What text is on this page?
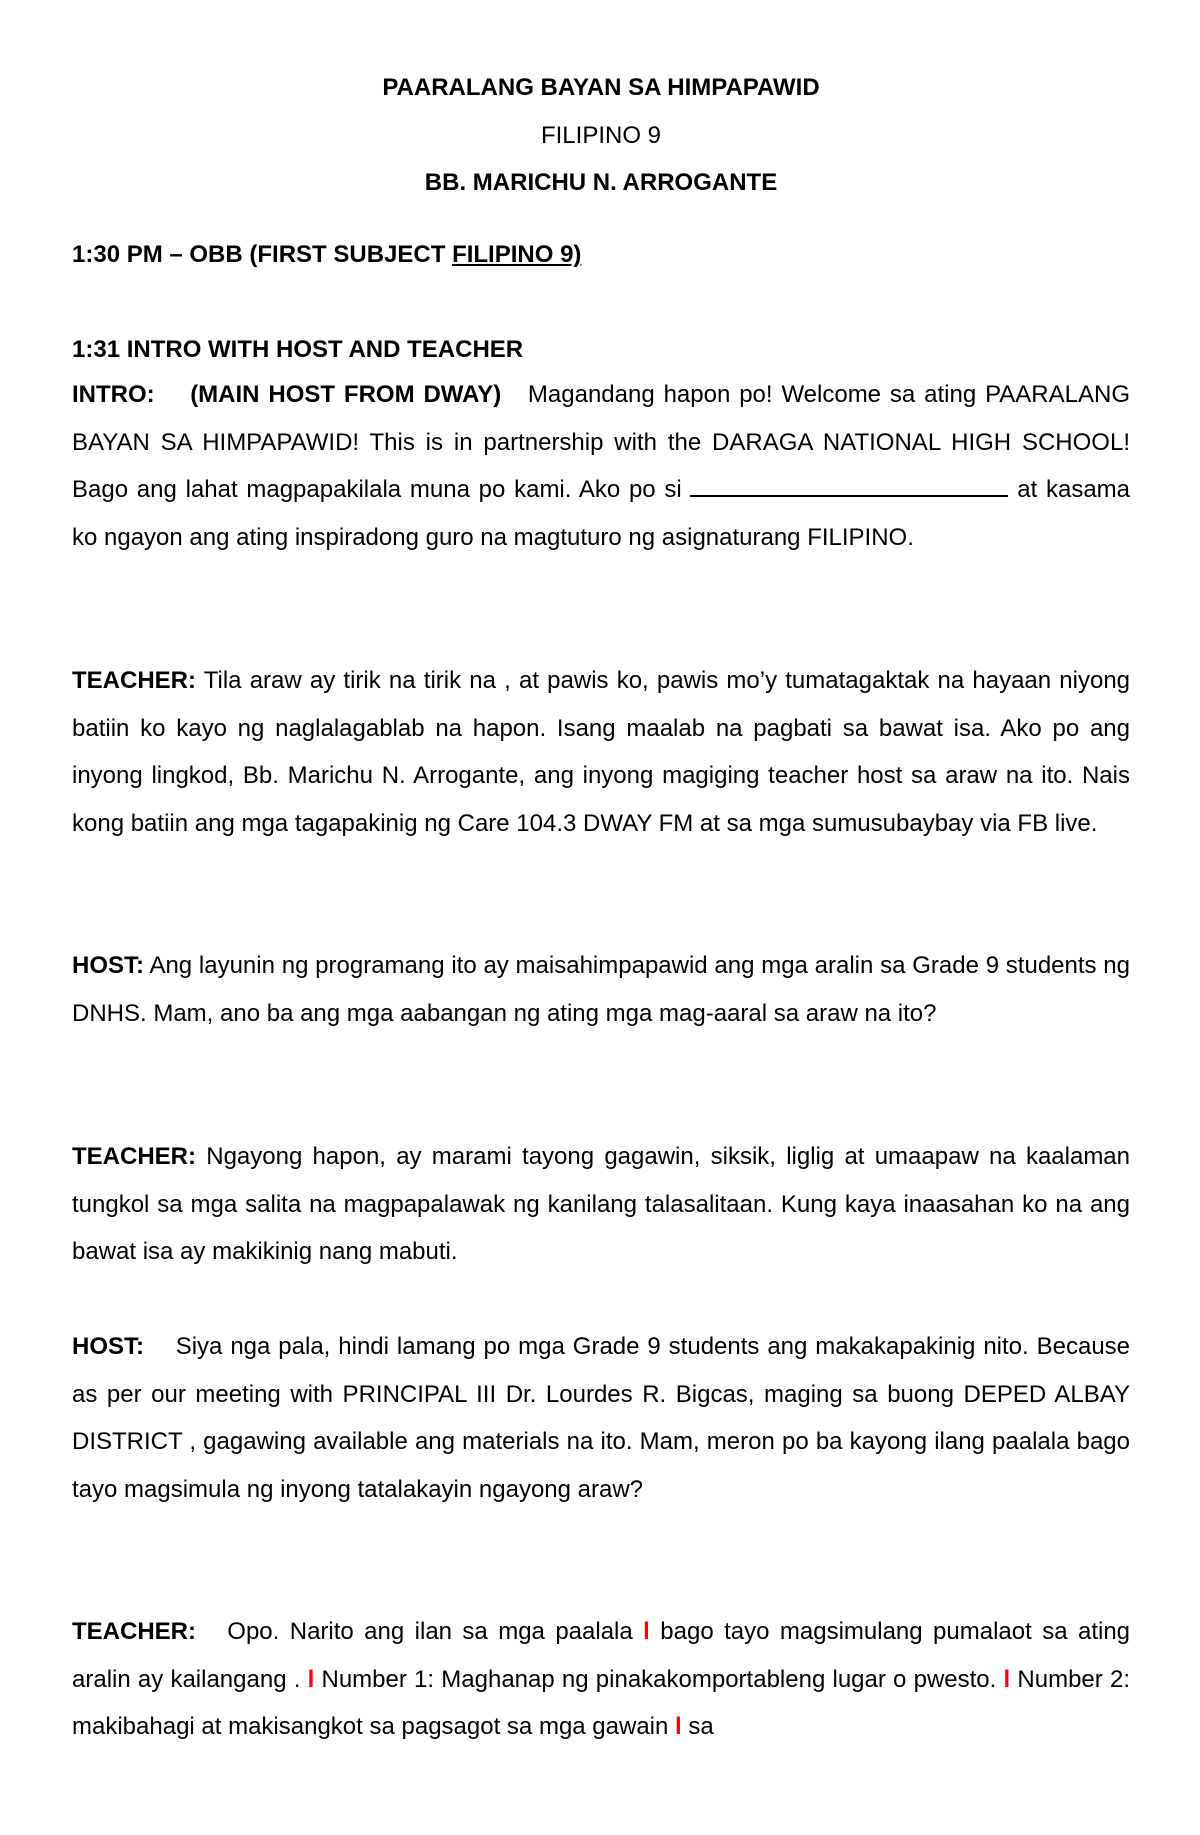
PAARALANG BAYAN SA HIMPAPAWID
FILIPINO 9
BB. MARICHU N. ARROGANTE
1:30 PM – OBB (FIRST SUBJECT FILIPINO 9)
1:31 INTRO WITH HOST AND TEACHER
INTRO: (MAIN HOST FROM DWAY) Magandang hapon po! Welcome sa ating PAARALANG BAYAN SA HIMPAPAWID! This is in partnership with the DARAGA NATIONAL HIGH SCHOOL! Bago ang lahat magpapakilala muna po kami. Ako po si	at kasama ko ngayon ang ating inspiradong guro na magtuturo ng asignaturang FILIPINO.
TEACHER: Tila araw ay tirik na tirik na , at pawis ko, pawis mo’y tumatagaktak na hayaan niyong batiin ko kayo ng naglalagablab na hapon. Isang maalab na pagbati sa bawat isa. Ako po ang inyong lingkod, Bb. Marichu N. Arrogante, ang inyong magiging teacher host sa araw na ito. Nais kong batiin ang mga tagapakinig ng Care 104.3 DWAY FM at sa mga sumusubaybay via FB live.
HOST: Ang layunin ng programang ito ay maisahimpapawid ang mga aralin sa Grade 9 students ng DNHS. Mam, ano ba ang mga aabangan ng ating mga mag-aaral sa araw na ito?
TEACHER: Ngayong hapon, ay marami tayong gagawin, siksik, liglig at umaapaw na kaalaman tungkol sa mga salita na magpapalawak ng kanilang talasalitaan. Kung kaya inaasahan ko na ang bawat isa ay makikinig nang mabuti.
HOST: Siya nga pala, hindi lamang po mga Grade 9 students ang makakapakinig nito. Because as per our meeting with PRINCIPAL III Dr. Lourdes R. Bigcas, maging sa buong DEPED ALBAY DISTRICT , gagawing available ang materials na ito. Mam, meron po ba kayong ilang paalala bago tayo magsimula ng inyong tatalakayin ngayong araw?
TEACHER: Opo. Narito ang ilan sa mga paalala l bago tayo magsimulang pumalaot sa ating aralin ay kailangang . l Number 1: Maghanap ng pinakakomportableng lugar o pwesto. l Number 2: makibahagi at makisangkot sa pagsagot sa mga gawain l sa
